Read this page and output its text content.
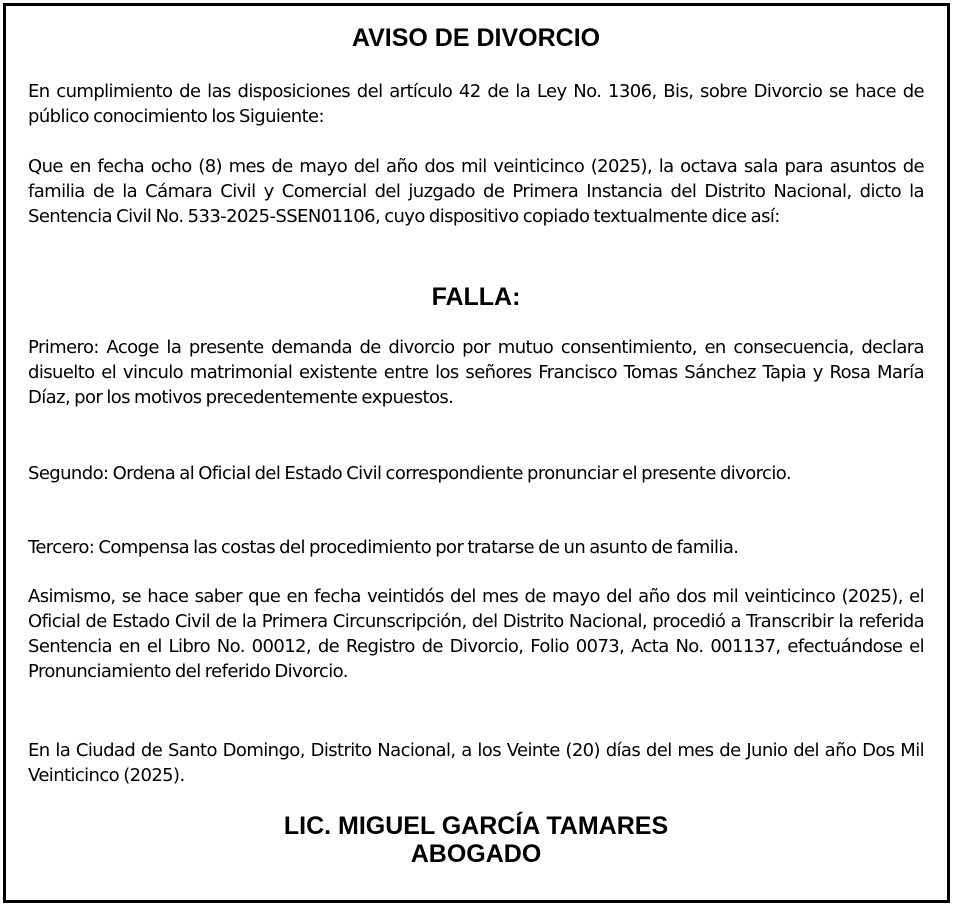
AVISO DE DIVORCIO

En cumplimiento de las disposiciones del artículo 42 de la Ley No. 1306, Bis, sobre Divorcio se hace de público conocimiento los Siguiente:

Que en fecha ocho (8) mes de mayo del año dos mil veinticinco (2025), la octava sala para asuntos de familia de la Cámara Civil y Comercial del juzgado de Primera Instancia del Distrito Nacional, dicto la Sentencia Civil No. 533-2025-SSEN01106, cuyo dispositivo copiado textualmente dice así:

FALLA:

Primero: Acoge la presente demanda de divorcio por mutuo consentimiento, en consecuencia, declara disuelto el vinculo matrimonial existente entre los señores Francisco Tomas Sánchez Tapia y Rosa María Díaz, por los motivos precedentemente expuestos.

Segundo: Ordena al Oficial del Estado Civil correspondiente pronunciar el presente divorcio.

Tercero: Compensa las costas del procedimiento por tratarse de un asunto de familia.

Asimismo, se hace saber que en fecha veintidós del mes de mayo del año dos mil veinticinco (2025), el Oficial de Estado Civil de la Primera Circunscripción, del Distrito Nacional, procedió a Transcribir la referida Sentencia en el Libro No. 00012, de Registro de Divorcio, Folio 0073, Acta No. 001137, efectuándose el Pronunciamiento del referido Divorcio.

En la Ciudad de Santo Domingo, Distrito Nacional, a los Veinte (20) días del mes de Junio del año Dos Mil Veinticinco (2025).

LIC. MIGUEL GARCÍA TAMARES
ABOGADO
